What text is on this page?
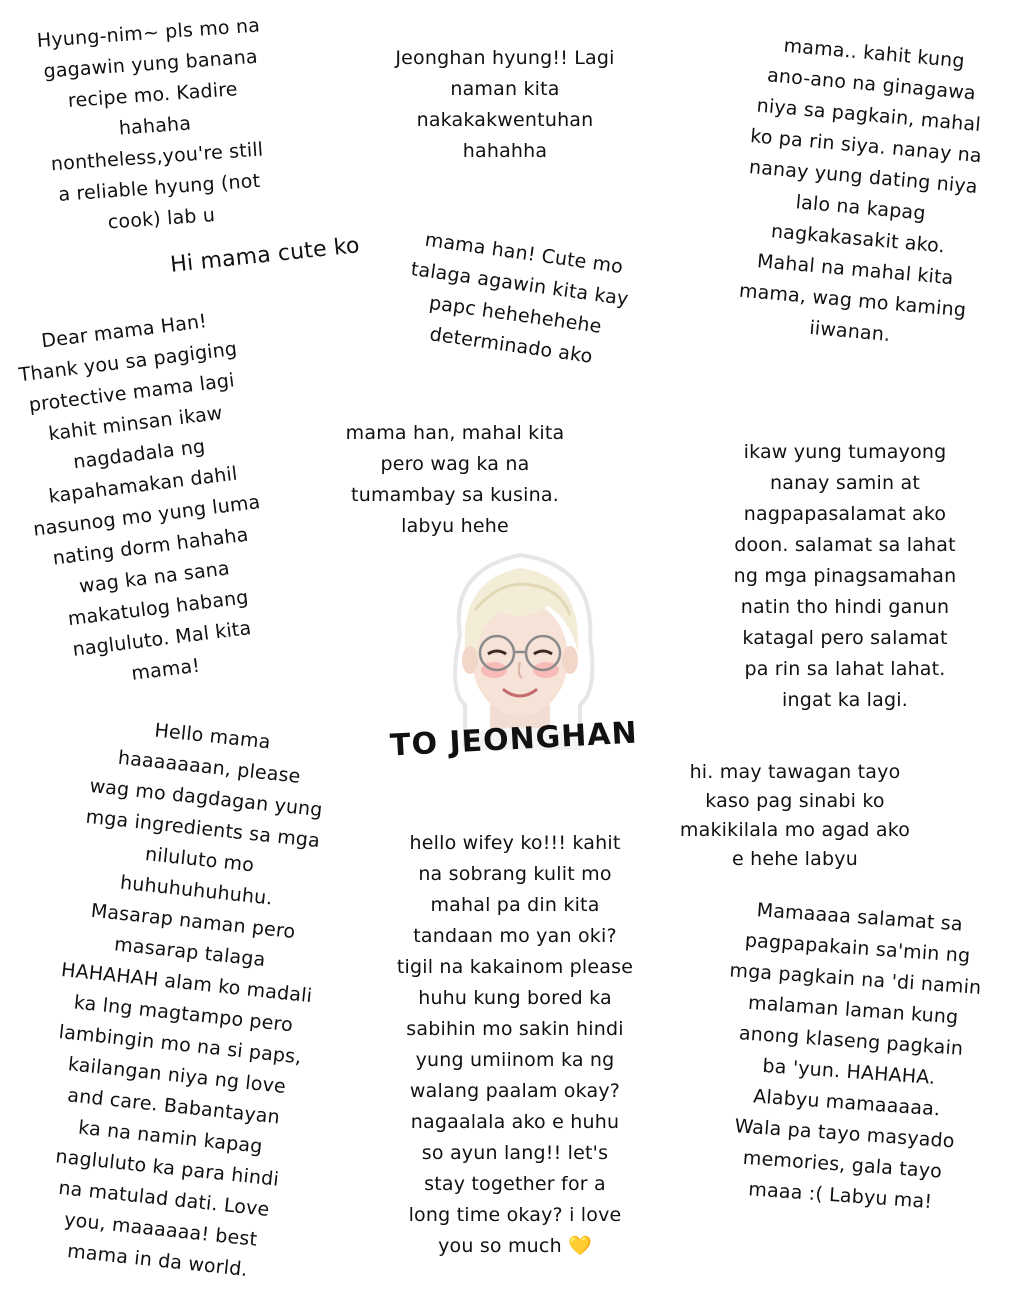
Hyung-nim~ pls mo na
gagawin yung banana
recipe mo. Kadire
hahaha
nontheless,you're still
a reliable hyung (not
cook) lab u
Hi mama cute ko
Dear mama Han!
Thank you sa pagiging
protective mama lagi
kahit minsan ikaw
nagdadala ng
kapahamakan dahil
nasunog mo yung luma
nating dorm hahaha
wag ka na sana
makatulog habang
nagluluto. Mal kita
mama!
Hello mama
haaaaaaan, please
wag mo dagdagan yung
mga ingredients sa mga
niluluto mo
huhuhuhuhuhu.
Masarap naman pero
masarap talaga
HAHAHAH alam ko madali
ka lng magtampo pero
lambingin mo na si paps,
kailangan niya ng love
and care. Babantayan
ka na namin kapag
nagluluto ka para hindi
na matulad dati. Love
you, maaaaaa! best
mama in da world.
Jeonghan hyung!! Lagi
naman kita
nakakakwentuhan
hahahha
mama han! Cute mo
talaga agawin kita kay
papc hehehehehe
determinado ako
mama han, mahal kita
pero wag ka na
tumambay sa kusina.
labyu hehe
TO JEONGHAN
hello wifey ko!!! kahit
na sobrang kulit mo
mahal pa din kita
tandaan mo yan oki?
tigil na kakainom please
huhu kung bored ka
sabihin mo sakin hindi
yung umiinom ka ng
walang paalam okay?
nagaalala ako e huhu
so ayun lang!! let's
stay together for a
long time okay? i love
you so much 💛
mama.. kahit kung
ano-ano na ginagawa
niya sa pagkain, mahal
ko pa rin siya. nanay na
nanay yung dating niya
lalo na kapag
nagkakasakit ako.
Mahal na mahal kita
mama, wag mo kaming
iiwanan.
ikaw yung tumayong
nanay samin at
nagpapasalamat ako
doon. salamat sa lahat
ng mga pinagsamahan
natin tho hindi ganun
katagal pero salamat
pa rin sa lahat lahat.
ingat ka lagi.
hi. may tawagan tayo
kaso pag sinabi ko
makikilala mo agad ako
e hehe labyu
Mamaaaa salamat sa
pagpapakain sa'min ng
mga pagkain na 'di namin
malaman laman kung
anong klaseng pagkain
ba 'yun. HAHAHA.
Alabyu mamaaaaa.
Wala pa tayo masyado
memories, gala tayo
maaa :( Labyu ma!
